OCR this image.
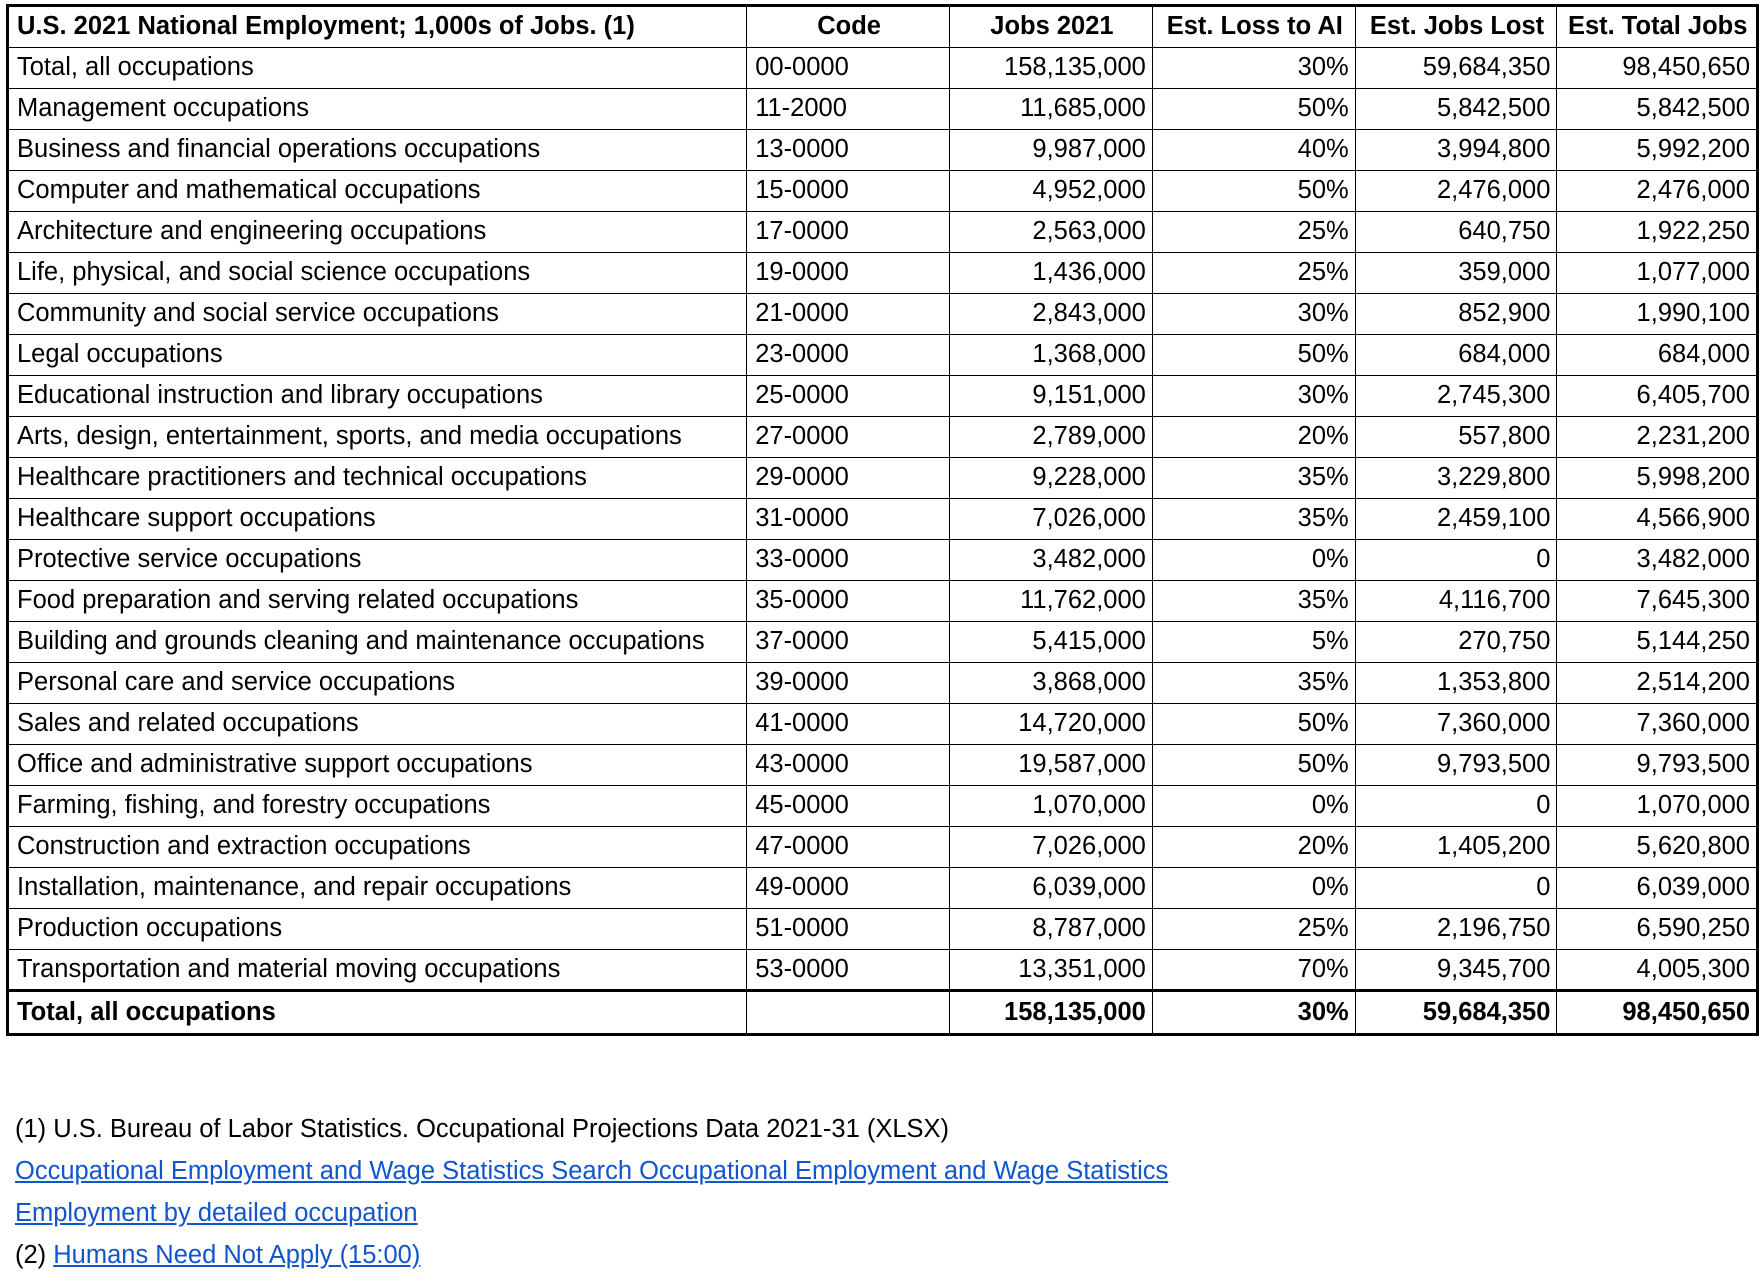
U.S. 2021 National Employment; 1,000s of Jobs. (1)	Code	Jobs 2021	Est. Loss to AI	Est. Jobs Lost	Est. Total Jobs
Total, all occupations	00-0000	158,135,000	30%	59,684,350	98,450,650
Management occupations	11-2000	11,685,000	50%	5,842,500	5,842,500
Business and financial operations occupations	13-0000	9,987,000	40%	3,994,800	5,992,200
Computer and mathematical occupations	15-0000	4,952,000	50%	2,476,000	2,476,000
Architecture and engineering occupations	17-0000	2,563,000	25%	640,750	1,922,250
Life, physical, and social science occupations	19-0000	1,436,000	25%	359,000	1,077,000
Community and social service occupations	21-0000	2,843,000	30%	852,900	1,990,100
Legal occupations	23-0000	1,368,000	50%	684,000	684,000
Educational instruction and library occupations	25-0000	9,151,000	30%	2,745,300	6,405,700
Arts, design, entertainment, sports, and media occupations	27-0000	2,789,000	20%	557,800	2,231,200
Healthcare practitioners and technical occupations	29-0000	9,228,000	35%	3,229,800	5,998,200
Healthcare support occupations	31-0000	7,026,000	35%	2,459,100	4,566,900
Protective service occupations	33-0000	3,482,000	0%	0	3,482,000
Food preparation and serving related occupations	35-0000	11,762,000	35%	4,116,700	7,645,300
Building and grounds cleaning and maintenance occupations	37-0000	5,415,000	5%	270,750	5,144,250
Personal care and service occupations	39-0000	3,868,000	35%	1,353,800	2,514,200
Sales and related occupations	41-0000	14,720,000	50%	7,360,000	7,360,000
Office and administrative support occupations	43-0000	19,587,000	50%	9,793,500	9,793,500
Farming, fishing, and forestry occupations	45-0000	1,070,000	0%	0	1,070,000
Construction and extraction occupations	47-0000	7,026,000	20%	1,405,200	5,620,800
Installation, maintenance, and repair occupations	49-0000	6,039,000	0%	0	6,039,000
Production occupations	51-0000	8,787,000	25%	2,196,750	6,590,250
Transportation and material moving occupations	53-0000	13,351,000	70%	9,345,700	4,005,300
Total, all occupations		158,135,000	30%	59,684,350	98,450,650
(1) U.S. Bureau of Labor Statistics. Occupational Projections Data 2021-31 (XLSX)
Occupational Employment and Wage Statistics Search Occupational Employment and Wage Statistics
Employment by detailed occupation
(2) Humans Need Not Apply (15:00)
